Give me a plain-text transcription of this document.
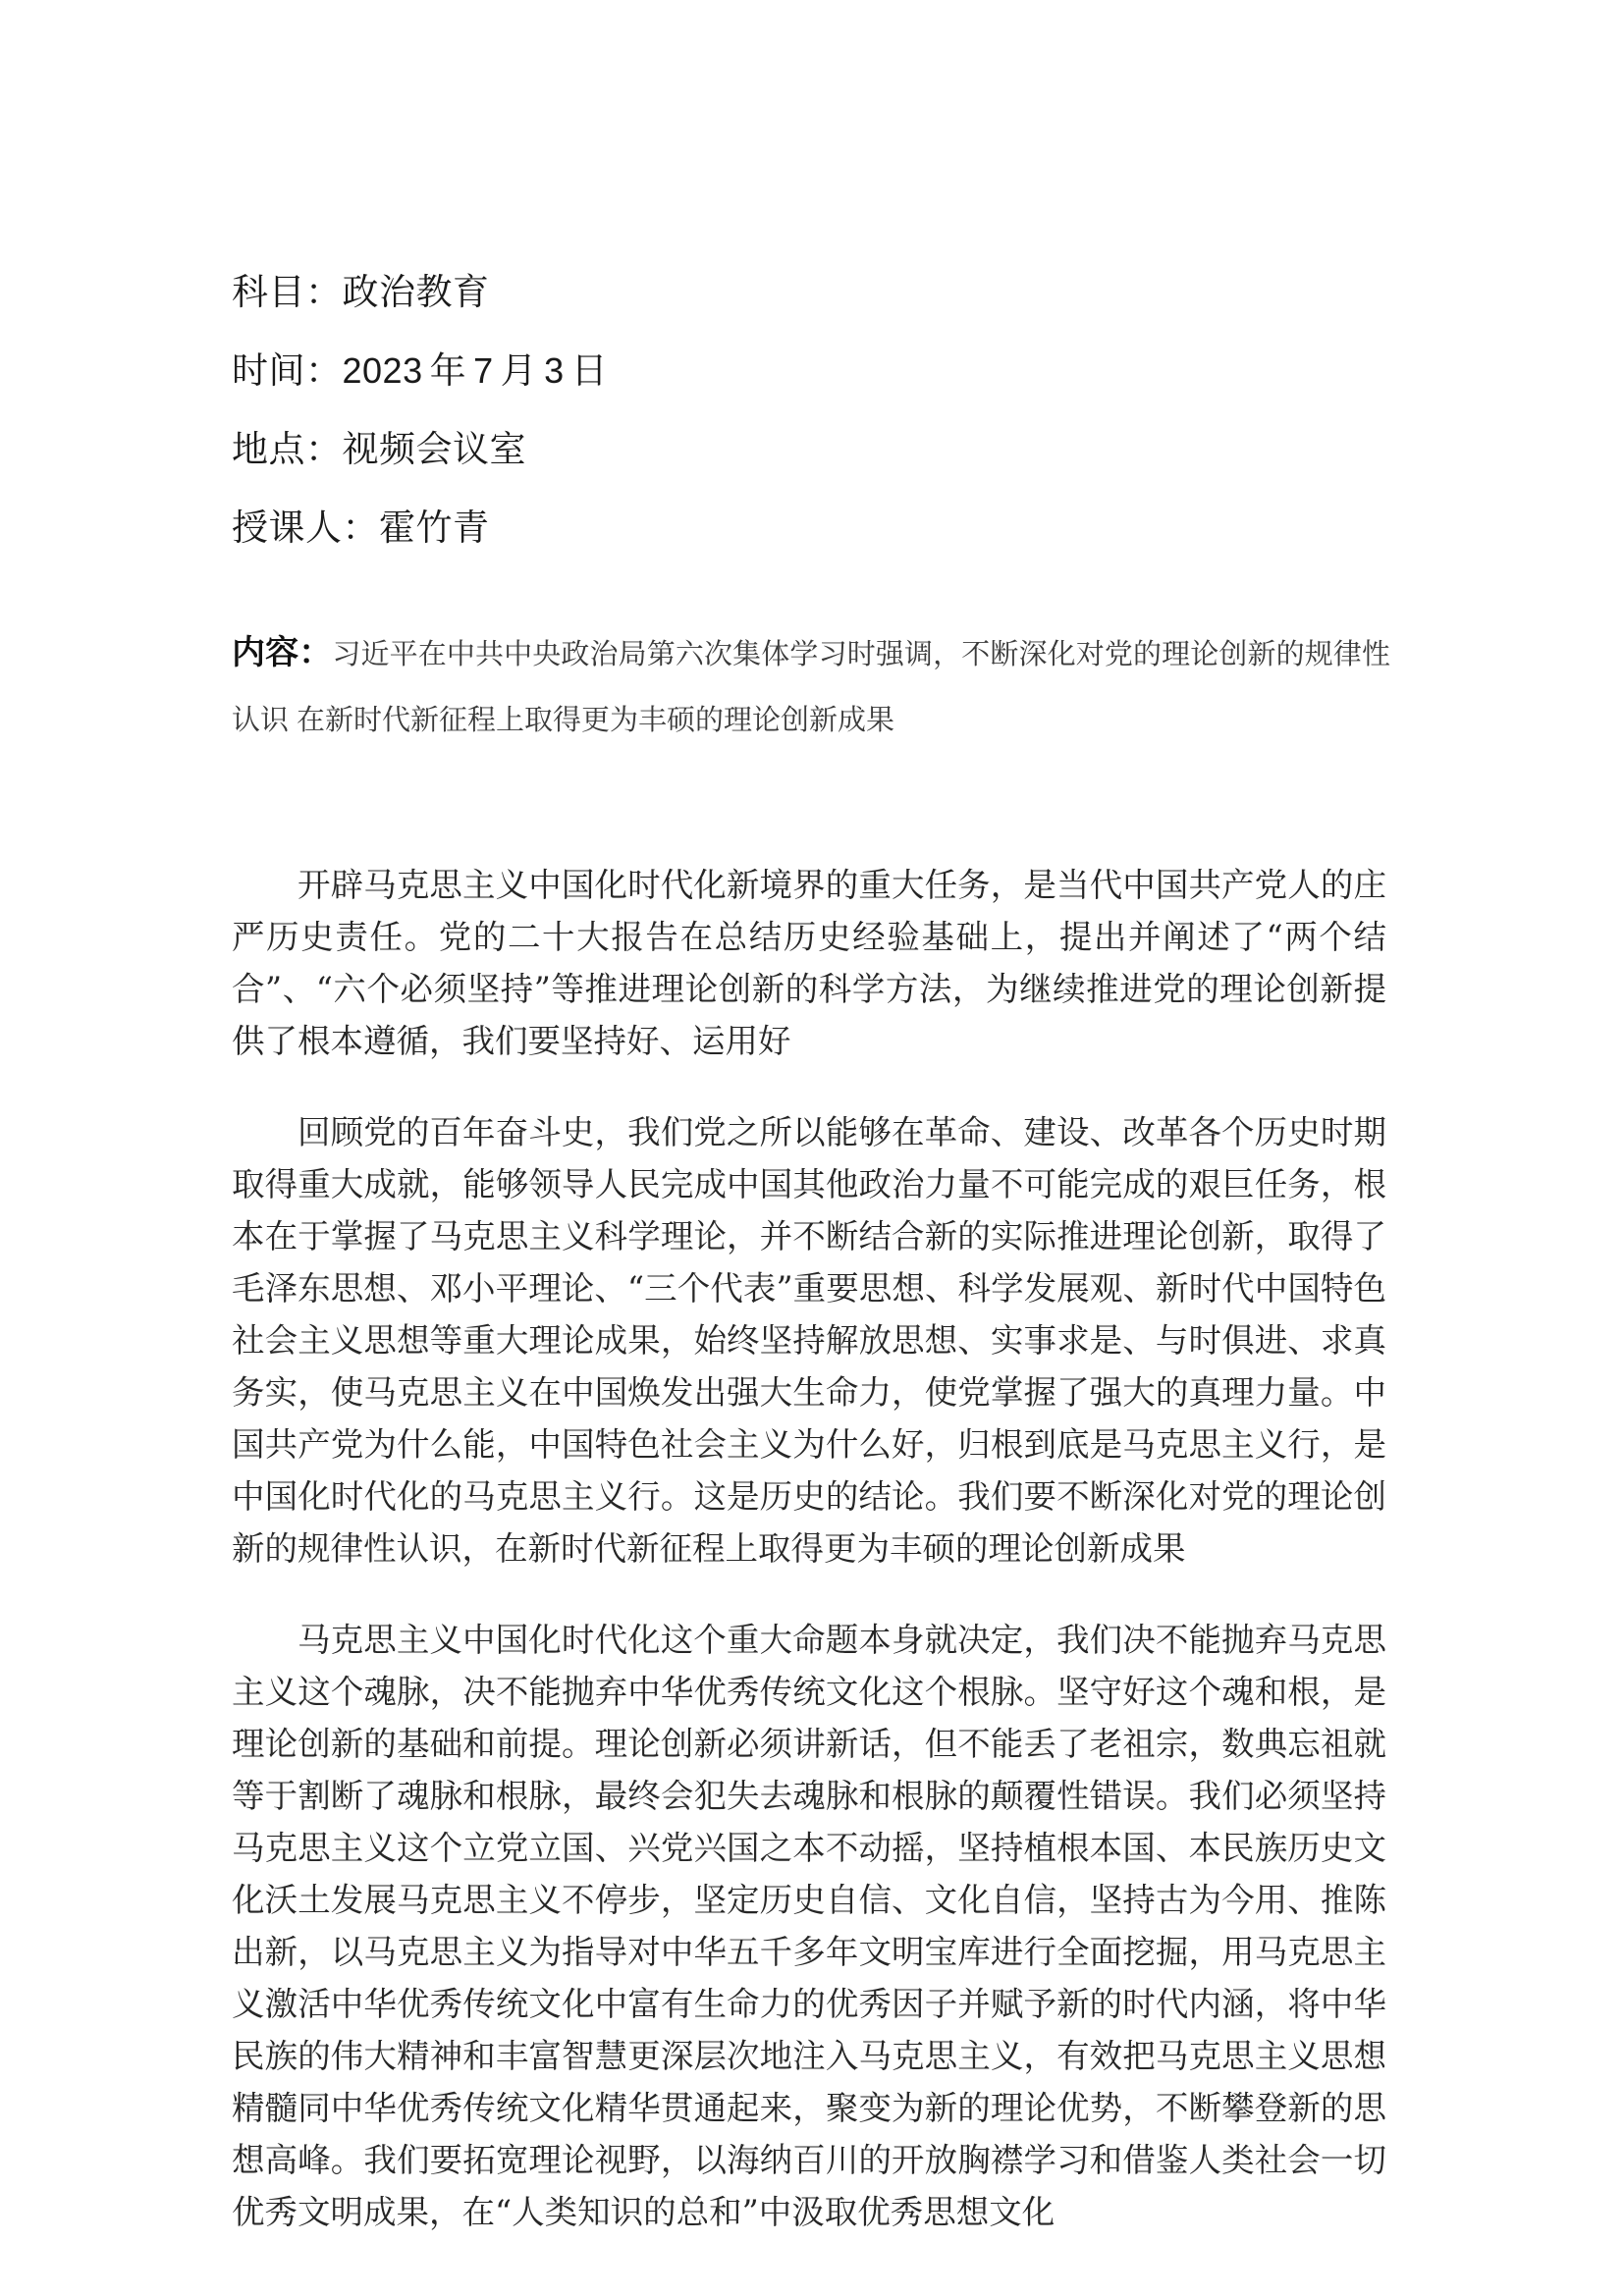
科目：政治教育
时间：2023 年 7 月 3 日
地点：视频会议室
授课人：霍竹青
内容：习近平在中共中央政治局第六次集体学习时强调，不断深化对党的理论创新的规律性认识 在新时代新征程上取得更为丰硕的理论创新成果

开辟马克思主义中国化时代化新境界的重大任务，是当代中国共产党人的庄严历史责任。党的二十大报告在总结历史经验基础上，提出并阐述了“两个结合”、“六个必须坚持”等推进理论创新的科学方法，为继续推进党的理论创新提供了根本遵循，我们要坚持好、运用好

回顾党的百年奋斗史，我们党之所以能够在革命、建设、改革各个历史时期取得重大成就，能够领导人民完成中国其他政治力量不可能完成的艰巨任务，根本在于掌握了马克思主义科学理论，并不断结合新的实际推进理论创新，取得了毛泽东思想、邓小平理论、“三个代表”重要思想、科学发展观、新时代中国特色社会主义思想等重大理论成果，始终坚持解放思想、实事求是、与时俱进、求真务实，使马克思主义在中国焕发出强大生命力，使党掌握了强大的真理力量。中国共产党为什么能，中国特色社会主义为什么好，归根到底是马克思主义行，是中国化时代化的马克思主义行。这是历史的结论。我们要不断深化对党的理论创新的规律性认识，在新时代新征程上取得更为丰硕的理论创新成果

马克思主义中国化时代化这个重大命题本身就决定，我们决不能抛弃马克思主义这个魂脉，决不能抛弃中华优秀传统文化这个根脉。坚守好这个魂和根，是理论创新的基础和前提。理论创新必须讲新话，但不能丢了老祖宗，数典忘祖就等于割断了魂脉和根脉，最终会犯失去魂脉和根脉的颠覆性错误。我们必须坚持马克思主义这个立党立国、兴党兴国之本不动摇，坚持植根本国、本民族历史文化沃土发展马克思主义不停步，坚定历史自信、文化自信，坚持古为今用、推陈出新，以马克思主义为指导对中华五千多年文明宝库进行全面挖掘，用马克思主义激活中华优秀传统文化中富有生命力的优秀因子并赋予新的时代内涵，将中华民族的伟大精神和丰富智慧更深层次地注入马克思主义，有效把马克思主义思想精髓同中华优秀传统文化精华贯通起来，聚变为新的理论优势，不断攀登新的思想高峰。我们要拓宽理论视野，以海纳百川的开放胸襟学习和借鉴人类社会一切优秀文明成果，在“人类知识的总和”中汲取优秀思想文化
